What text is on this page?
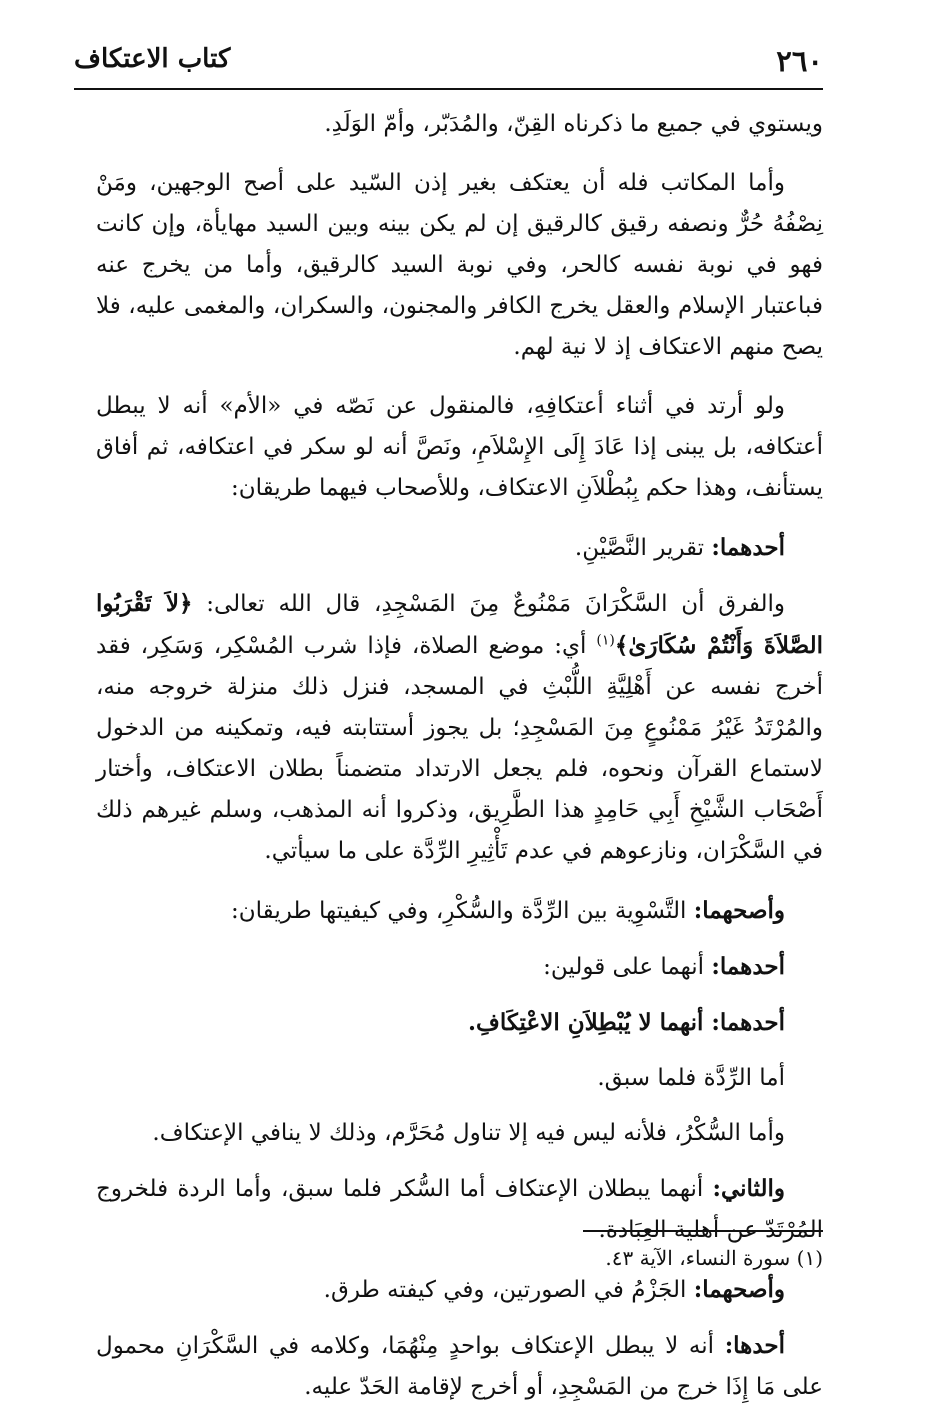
٢٦٠
كتاب الاعتكاف

ويستوي في جميع ما ذكرناه القِنّ، والمُدَبّر، وأمّ الوَلَدِ.

وأما المكاتب فله أن يعتكف بغير إذن السّيد على أصح الوجهين، ومَنْ نِصْفُهُ حُرٌّ ونصفه رقيق كالرقيق إن لم يكن بينه وبين السيد مهايأة، وإن كانت فهو في نوبة نفسه كالحر، وفي نوبة السيد كالرقيق، وأما من يخرج عنه فباعتبار الإسلام والعقل يخرج الكافر والمجنون، والسكران، والمغمى عليه، فلا يصح منهم الاعتكاف إذ لا نية لهم.

ولو أرتد في أثناء أعتكافِهِ، فالمنقول عن نَصّه في «الأم» أنه لا يبطل أعتكافه، بل يبنى إذا عَادَ إِلَى الإِسْلاَمِ، ونَصَّ أنه لو سكر في اعتكافه، ثم أفاق يستأنف، وهذا حكم بِبُطْلاَنِ الاعتكاف، وللأصحاب فيهما طريقان:

أحدهما: تقرير النَّصَّيْنِ.

والفرق أن السَّكْرَانَ مَمْنُوعٌ مِنَ المَسْجِدِ، قال الله تعالى: ﴿لاَ تَقْرَبُوا الصَّلاَةَ وَأَنْتُمْ سُكَارَىٰ﴾$^{(١)}$ أي: موضع الصلاة، فإذا شرب المُسْكِر، وَسَكِر، فقد أخرج نفسه عن أَهْلِيَّةِ اللُّبْثِ في المسجد، فنزل ذلك منزلة خروجه منه، والمُرْتَدُ غَيْرُ مَمْنُوعٍ مِنَ المَسْجِدِ؛ بل يجوز أستتابته فيه، وتمكينه من الدخول لاستماع القرآن ونحوه، فلم يجعل الارتداد متضمناً بطلان الاعتكاف، وأختار أَصْحَاب الشَّيْخِ أَبِي حَامِدٍ هذا الطَّرِيق، وذكروا أنه المذهب، وسلم غيرهم ذلك في السَّكْرَان، ونازعوهم في عدم تَأْثِيرِ الرِّدَّة على ما سيأتي.

وأصحهما: التَّسْوِية بين الرِّدَّة والسُّكْرِ، وفي كيفيتها طريقان:

أحدهما: أنهما على قولين:

أحدهما: أنهما لا يُبْطِلاَنِ الاعْتِكَافِ.

أما الرِّدَّة فلما سبق.

وأما السُّكْرُ، فلأنه ليس فيه إلا تناول مُحَرَّم، وذلك لا ينافي الإعتكاف.

والثاني: أنهما يبطلان الإعتكاف أما السُّكر فلما سبق، وأما الردة فلخروج المُرْتَدّ عن أهلية العِبَادة.

وأصحهما: الجَزْمُ في الصورتين، وفي كيفته طرق.

أحدها: أنه لا يبطل الإعتكاف بواحدٍ مِنْهُمَا، وكلامه في السَّكْرَانِ محمول على مَا إِذَا خرج من المَسْجِدِ، أو أخرج لإقامة الحَدّ عليه.

(١) سورة النساء، الآية ٤٣.
